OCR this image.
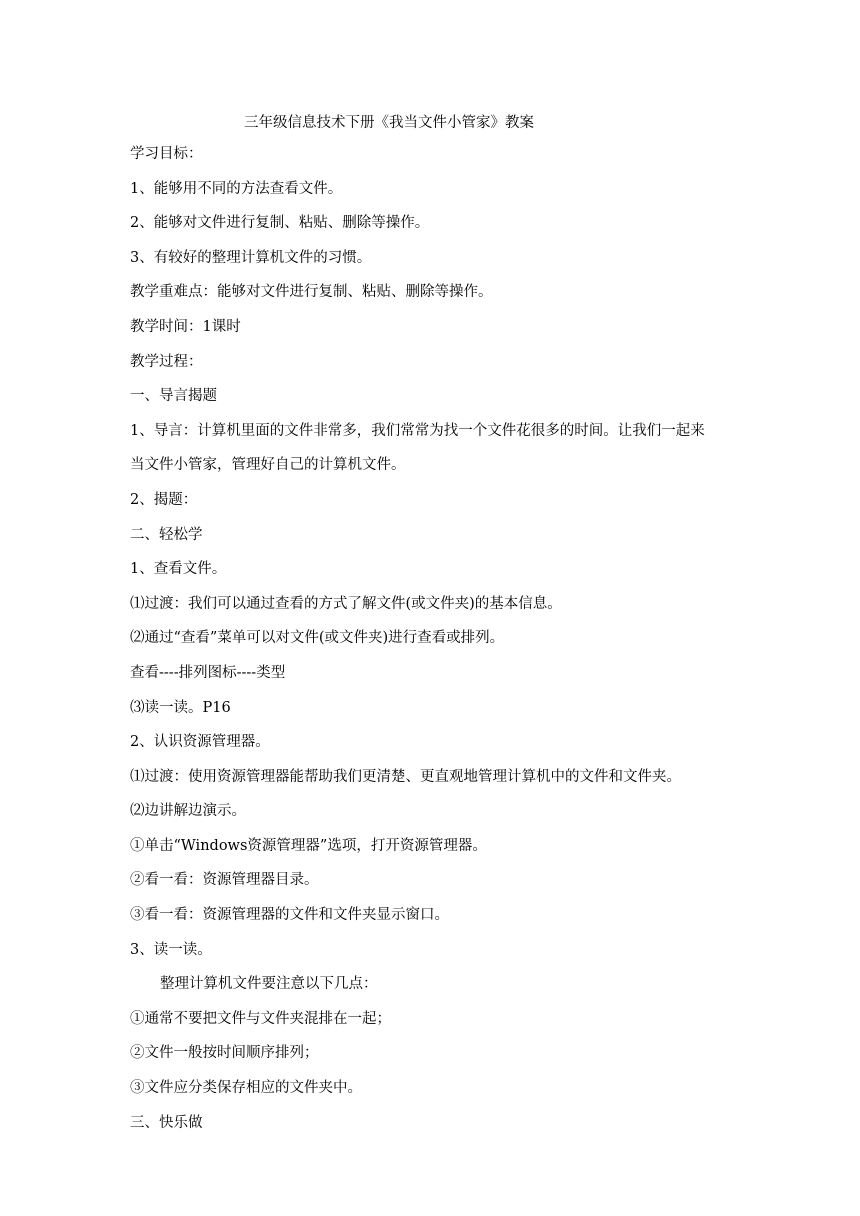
三年级信息技术下册《我当文件小管家》教案
学习目标：
1、能够用不同的方法查看文件。
2、能够对文件进行复制、粘贴、删除等操作。
3、有较好的整理计算机文件的习惯。
教学重难点：能够对文件进行复制、粘贴、删除等操作。
教学时间：1课时
教学过程：
一、导言揭题
1、导言：计算机里面的文件非常多，我们常常为找一个文件花很多的时间。让我们一起来
当文件小管家，管理好自己的计算机文件。
2、揭题：
二、轻松学
1、查看文件。
⑴过渡：我们可以通过查看的方式了解文件(或文件夹)的基本信息。
⑵通过“查看”菜单可以对文件(或文件夹)进行查看或排列。
查看----排列图标----类型
⑶读一读。P16
2、认识资源管理器。
⑴过渡：使用资源管理器能帮助我们更清楚、更直观地管理计算机中的文件和文件夹。
⑵边讲解边演示。
①单击“Windows资源管理器”选项，打开资源管理器。
②看一看：资源管理器目录。
③看一看：资源管理器的文件和文件夹显示窗口。
3、读一读。
整理计算机文件要注意以下几点：
①通常不要把文件与文件夹混排在一起；
②文件一般按时间顺序排列；
③文件应分类保存相应的文件夹中。
三、快乐做
